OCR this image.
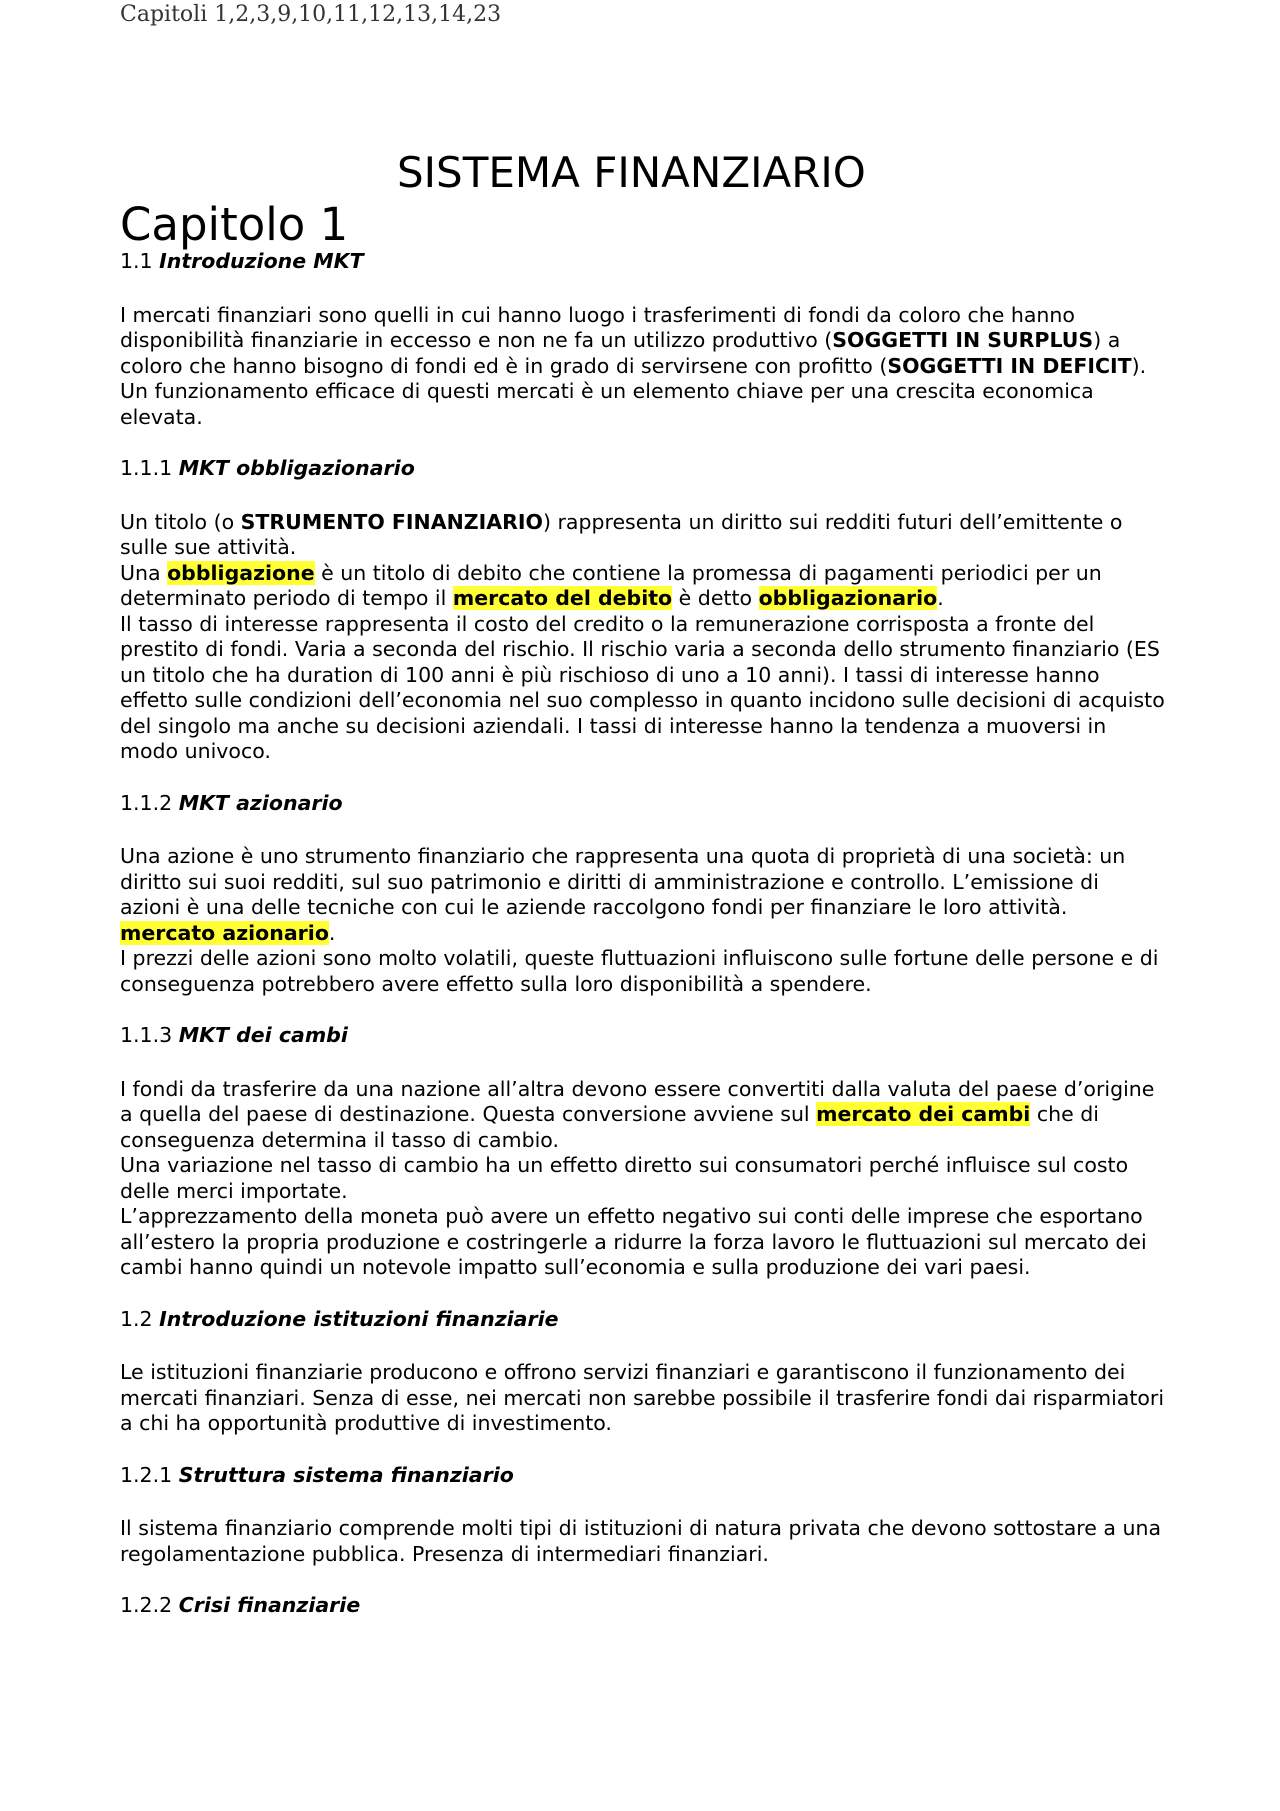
Capitoli 1,2,3,9,10,11,12,13,14,23
SISTEMA FINANZIARIO
Capitolo 1

1.1 Introduzione MKT

I mercati finanziari sono quelli in cui hanno luogo i trasferimenti di fondi da coloro che hanno disponibilità finanziarie in eccesso e non ne fa un utilizzo produttivo (SOGGETTI IN SURPLUS) a coloro che hanno bisogno di fondi ed è in grado di servirsene con profitto (SOGGETTI IN DEFICIT).

Un funzionamento efficace di questi mercati è un elemento chiave per una crescita economica elevata.

1.1.1 MKT obbligazionario

Un titolo (o STRUMENTO FINANZIARIO) rappresenta un diritto sui redditi futuri dell’emittente o sulle sue attività.

Una obbligazione è un titolo di debito che contiene la promessa di pagamenti periodici per un determinato periodo di tempo il mercato del debito è detto obbligazionario.

Il tasso di interesse rappresenta il costo del credito o la remunerazione corrisposta a fronte del prestito di fondi. Varia a seconda del rischio. Il rischio varia a seconda dello strumento finanziario (ES un titolo che ha duration di 100 anni è più rischioso di uno a 10 anni). I tassi di interesse hanno effetto sulle condizioni dell’economia nel suo complesso in quanto incidono sulle decisioni di acquisto del singolo ma anche su decisioni aziendali. I tassi di interesse hanno la tendenza a muoversi in modo univoco.

1.1.2 MKT azionario

Una azione è uno strumento finanziario che rappresenta una quota di proprietà di una società: un diritto sui suoi redditi, sul suo patrimonio e diritti di amministrazione e controllo. L’emissione di azioni è una delle tecniche con cui le aziende raccolgono fondi per finanziare le loro attività.

mercato azionario.

I prezzi delle azioni sono molto volatili, queste fluttuazioni influiscono sulle fortune delle persone e di conseguenza potrebbero avere effetto sulla loro disponibilità a spendere.

1.1.3 MKT dei cambi

I fondi da trasferire da una nazione all’altra devono essere convertiti dalla valuta del paese d’origine a quella del paese di destinazione. Questa conversione avviene sul mercato dei cambi che di conseguenza determina il tasso di cambio.

Una variazione nel tasso di cambio ha un effetto diretto sui consumatori perché influisce sul costo delle merci importate.

L’apprezzamento della moneta può avere un effetto negativo sui conti delle imprese che esportano all’estero la propria produzione e costringerle a ridurre la forza lavoro le fluttuazioni sul mercato dei cambi hanno quindi un notevole impatto sull’economia e sulla produzione dei vari paesi.

1.2 Introduzione istituzioni finanziarie

Le istituzioni finanziarie producono e offrono servizi finanziari e garantiscono il funzionamento dei mercati finanziari. Senza di esse, nei mercati non sarebbe possibile il trasferire fondi dai risparmiatori a chi ha opportunità produttive di investimento.

1.2.1 Struttura sistema finanziario

Il sistema finanziario comprende molti tipi di istituzioni di natura privata che devono sottostare a una regolamentazione pubblica. Presenza di intermediari finanziari.

1.2.2 Crisi finanziarie
